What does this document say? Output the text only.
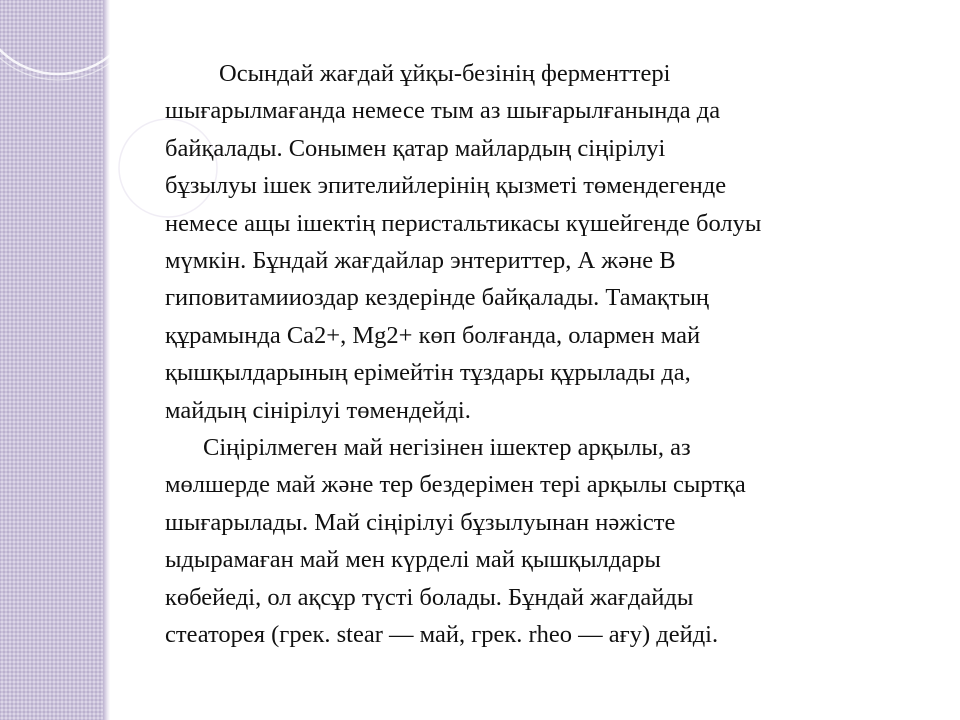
Осындай жағдай ұйқы-безінің ферменттері
шығарылмағанда немесе тым аз шығарылғанында да
байқалады. Сонымен қатар майлардың сіңірілуі
бұзылуы ішек эпителийлерінің қызметі төмендегенде
немесе ащы ішектің перистальтикасы күшейгенде болуы
мүмкін. Бұндай жағдайлар энтериттер, А және В
гиповитамииоздар кездерінде байқалады. Тамақтың
құрамында Са2+, Mg2+ көп болғанда, олармен май
қышқылдарының ерімейтін тұздары құрылады да,
майдың сінірілуі төмендейді.

Сіңірілмеген май негізінен ішектер арқылы, аз
мөлшерде май және тер бездерімен тері арқылы сыртқа
шығарылады. Май сіңірілуі бұзылуынан нәжісте
ыдырамаған май мен күрделі май қышқылдары
көбейеді, ол ақсұр түсті болады. Бұндай жағдайды
стеаторея (грек. stear — май, грек. rheo — ағу) дейді.
